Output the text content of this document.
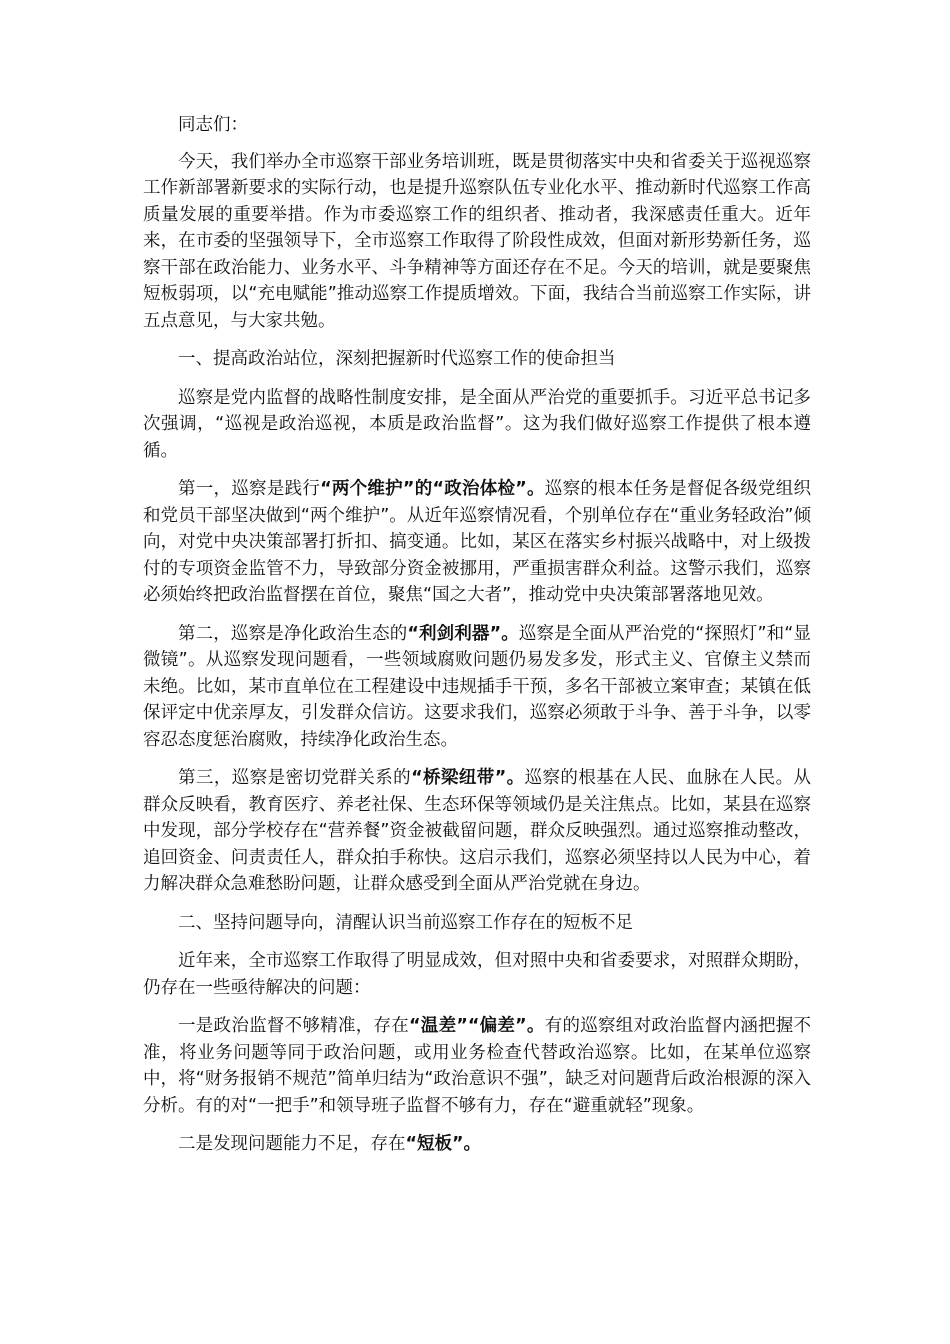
同志们：

今天，我们举办全市巡察干部业务培训班，既是贯彻落实中央和省委关于巡视巡察工作新部署新要求的实际行动，也是提升巡察队伍专业化水平、推动新时代巡察工作高质量发展的重要举措。作为市委巡察工作的组织者、推动者，我深感责任重大。近年来，在市委的坚强领导下，全市巡察工作取得了阶段性成效，但面对新形势新任务，巡察干部在政治能力、业务水平、斗争精神等方面还存在不足。今天的培训，就是要聚焦短板弱项，以“充电赋能”推动巡察工作提质增效。下面，我结合当前巡察工作实际，讲五点意见，与大家共勉。

一、提高政治站位，深刻把握新时代巡察工作的使命担当

巡察是党内监督的战略性制度安排，是全面从严治党的重要抓手。习近平总书记多次强调，“巡视是政治巡视，本质是政治监督”。这为我们做好巡察工作提供了根本遵循。

第一，巡察是践行“两个维护”的“政治体检”。巡察的根本任务是督促各级党组织和党员干部坚决做到“两个维护”。从近年巡察情况看，个别单位存在“重业务轻政治”倾向，对党中央决策部署打折扣、搞变通。比如，某区在落实乡村振兴战略中，对上级拨付的专项资金监管不力，导致部分资金被挪用，严重损害群众利益。这警示我们，巡察必须始终把政治监督摆在首位，聚焦“国之大者”，推动党中央决策部署落地见效。

第二，巡察是净化政治生态的“利剑利器”。巡察是全面从严治党的“探照灯”和“显微镜”。从巡察发现问题看，一些领域腐败问题仍易发多发，形式主义、官僚主义禁而未绝。比如，某市直单位在工程建设中违规插手干预，多名干部被立案审查；某镇在低保评定中优亲厚友，引发群众信访。这要求我们，巡察必须敢于斗争、善于斗争，以零容忍态度惩治腐败，持续净化政治生态。

第三，巡察是密切党群关系的“桥梁纽带”。巡察的根基在人民、血脉在人民。从群众反映看，教育医疗、养老社保、生态环保等领域仍是关注焦点。比如，某县在巡察中发现，部分学校存在“营养餐”资金被截留问题，群众反映强烈。通过巡察推动整改，追回资金、问责责任人，群众拍手称快。这启示我们，巡察必须坚持以人民为中心，着力解决群众急难愁盼问题，让群众感受到全面从严治党就在身边。

二、坚持问题导向，清醒认识当前巡察工作存在的短板不足

近年来，全市巡察工作取得了明显成效，但对照中央和省委要求，对照群众期盼，仍存在一些亟待解决的问题：

一是政治监督不够精准，存在“温差”“偏差”。有的巡察组对政治监督内涵把握不准，将业务问题等同于政治问题，或用业务检查代替政治巡察。比如，在某单位巡察中，将“财务报销不规范”简单归结为“政治意识不强”，缺乏对问题背后政治根源的深入分析。有的对“一把手”和领导班子监督不够有力，存在“避重就轻”现象。

二是发现问题能力不足，存在“短板”。
